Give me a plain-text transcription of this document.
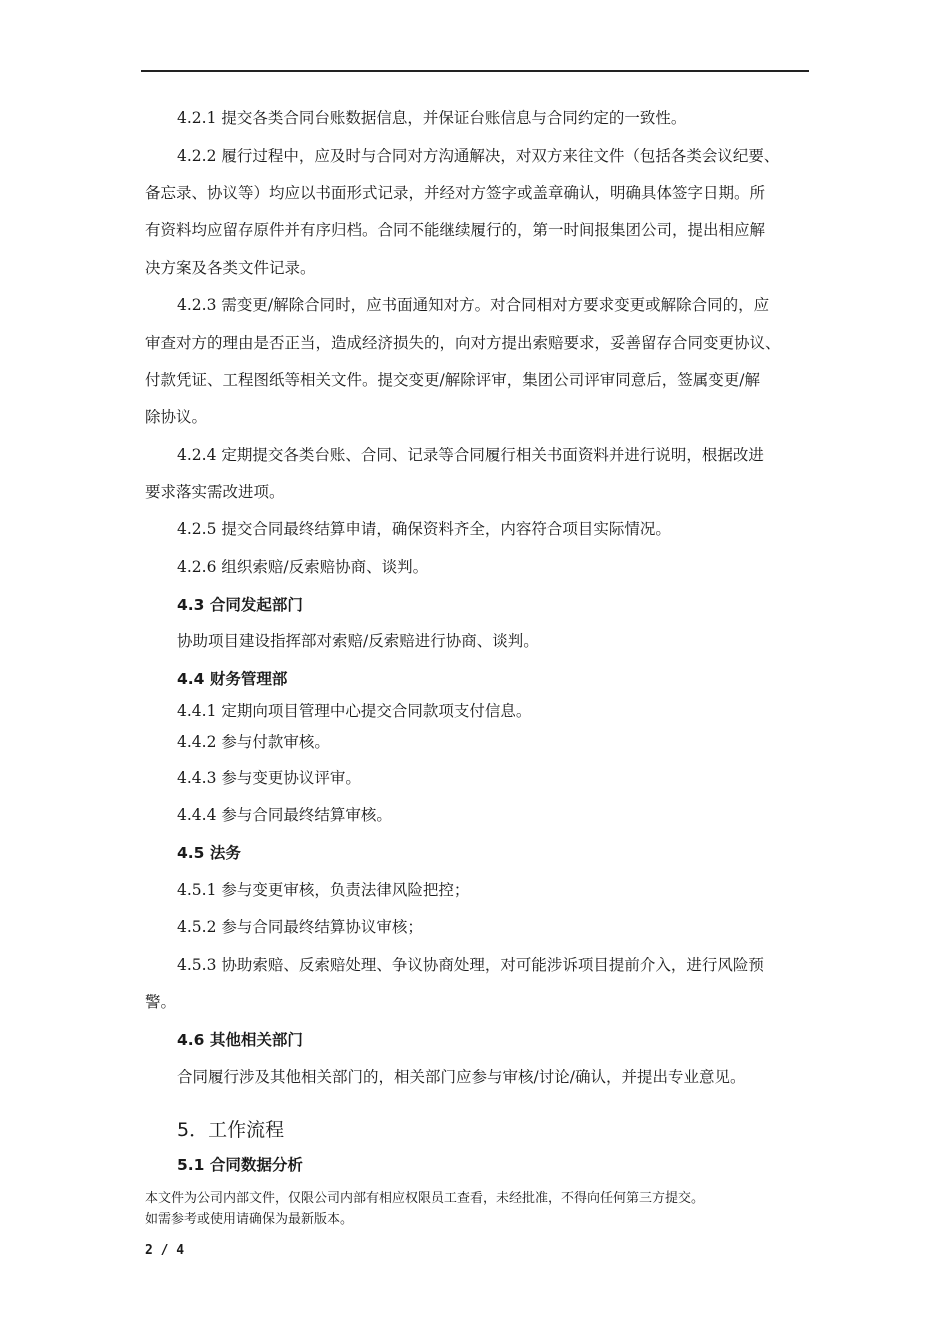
4.2.1 提交各类合同台账数据信息，并保证台账信息与合同约定的一致性。
4.2.2 履行过程中，应及时与合同对方沟通解决，对双方来往文件（包括各类会议纪要、
备忘录、协议等）均应以书面形式记录，并经对方签字或盖章确认，明确具体签字日期。所
有资料均应留存原件并有序归档。合同不能继续履行的，第一时间报集团公司，提出相应解
决方案及各类文件记录。
4.2.3 需变更/解除合同时，应书面通知对方。对合同相对方要求变更或解除合同的，应
审查对方的理由是否正当，造成经济损失的，向对方提出索赔要求，妥善留存合同变更协议、
付款凭证、工程图纸等相关文件。提交变更/解除评审，集团公司评审同意后，签属变更/解
除协议。
4.2.4 定期提交各类台账、合同、记录等合同履行相关书面资料并进行说明，根据改进
要求落实需改进项。
4.2.5 提交合同最终结算申请，确保资料齐全，内容符合项目实际情况。
4.2.6 组织索赔/反索赔协商、谈判。
4.3 合同发起部门
协助项目建设指挥部对索赔/反索赔进行协商、谈判。
4.4 财务管理部
4.4.1 定期向项目管理中心提交合同款项支付信息。
4.4.2 参与付款审核。
4.4.3 参与变更协议评审。
4.4.4 参与合同最终结算审核。
4.5 法务
4.5.1 参与变更审核，负责法律风险把控；
4.5.2 参与合同最终结算协议审核；
4.5.3 协助索赔、反索赔处理、争议协商处理，对可能涉诉项目提前介入，进行风险预
警。
4.6 其他相关部门
合同履行涉及其他相关部门的，相关部门应参与审核/讨论/确认，并提出专业意见。
5．工作流程
5.1 合同数据分析
本文件为公司内部文件，仅限公司内部有相应权限员工查看，未经批准，不得向任何第三方提交。
如需参考或使用请确保为最新版本。
2 / 4
